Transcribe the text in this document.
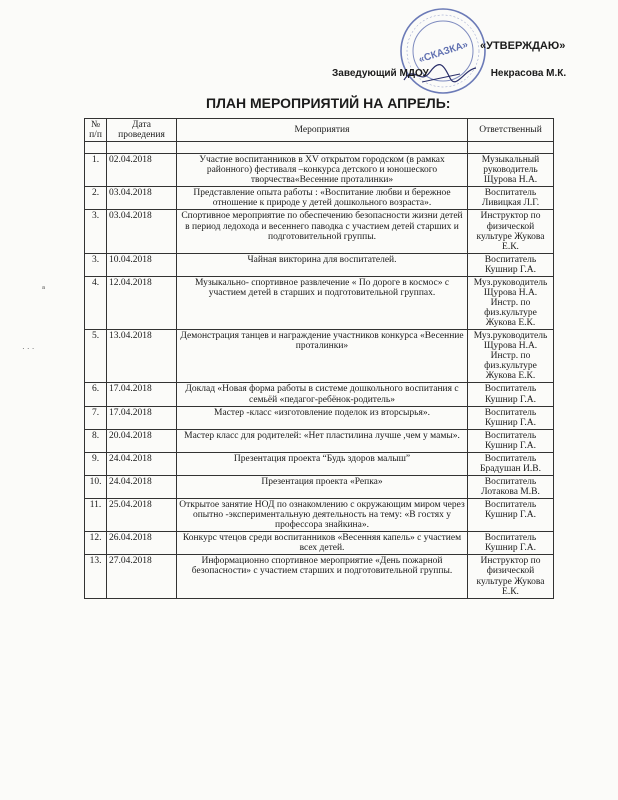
«СКАЗКА» «УТВЕРЖДАЮ»
Заведующий МДОУ	Некрасова М.К.
ПЛАН МЕРОПРИЯТИЙ НА АПРЕЛЬ:
ᵃ
· · ·
№ п/п	Дата проведения	Мероприятия	Ответственный

1.	02.04.2018	Участие воспитанников в XV открытом городском (в рамках районного) фестиваля –конкурса детского и юношеского творчества«Весенние проталинки»	Музыкальный руководитель Щурова Н.А.
2.	03.04.2018	Представление опыта работы : «Воспитание любви и бережное отношение к природе у детей дошкольного возраста».	Воспитатель Ливицкая Л.Г.
3.	03.04.2018	Спортивное мероприятие по обеспечению безопасности жизни детей в период ледохода и весеннего паводка с участием детей старших и подготовительной группы.	Инструктор по физической культуре Жукова Е.К.
3.	10.04.2018	Чайная викторина для воспитателей.	Воспитатель Кушнир Г.А.
4.	12.04.2018	Музыкально- спортивное развлечение « По дороге в космос» с участием детей в старших и подготовительной группах.	Муз.руководитель Щурова Н.А. Инстр. по физ.культуре Жукова Е.К.
5.	13.04.2018	Демонстрация танцев и награждение участников конкурса «Весенние проталинки»	Муз.руководитель Щурова Н.А. Инстр. по физ.культуре Жукова Е.К.
6.	17.04.2018	Доклад «Новая форма работы в системе дошкольного воспитания с семьёй «педагог-ребёнок-родитель»	Воспитатель Кушнир Г.А.
7.	17.04.2018	Мастер -класс «изготовление поделок из вторсырья».	Воспитатель Кушнир Г.А.
8.	20.04.2018	Мастер класс для родителей: «Нет пластилина лучше ,чем у мамы».	Воспитатель Кушнир Г.А.
9.	24.04.2018	Презентация проекта “Будь здоров малыш”	Воспитатель Брадушан И.В.
10.	24.04.2018	Презентация проекта «Репка»	Воспитатель Лотакова М.В.
11.	25.04.2018	Открытое занятие НОД по ознакомлению с окружающим миром через опытно -экспериментальную деятельность на тему: «В гостях у профессора знайкина».	Воспитатель Кушнир Г.А.
12.	26.04.2018	Конкурс чтецов среди воспитанников «Весенняя капель» с участием всех детей.	Воспитатель Кушнир Г.А.
13.	27.04.2018	Информационно спортивное мероприятие «День пожарной безопасности» с участием старших и подготовительной группы.	Инструктор по физической культуре Жукова Е.К.
